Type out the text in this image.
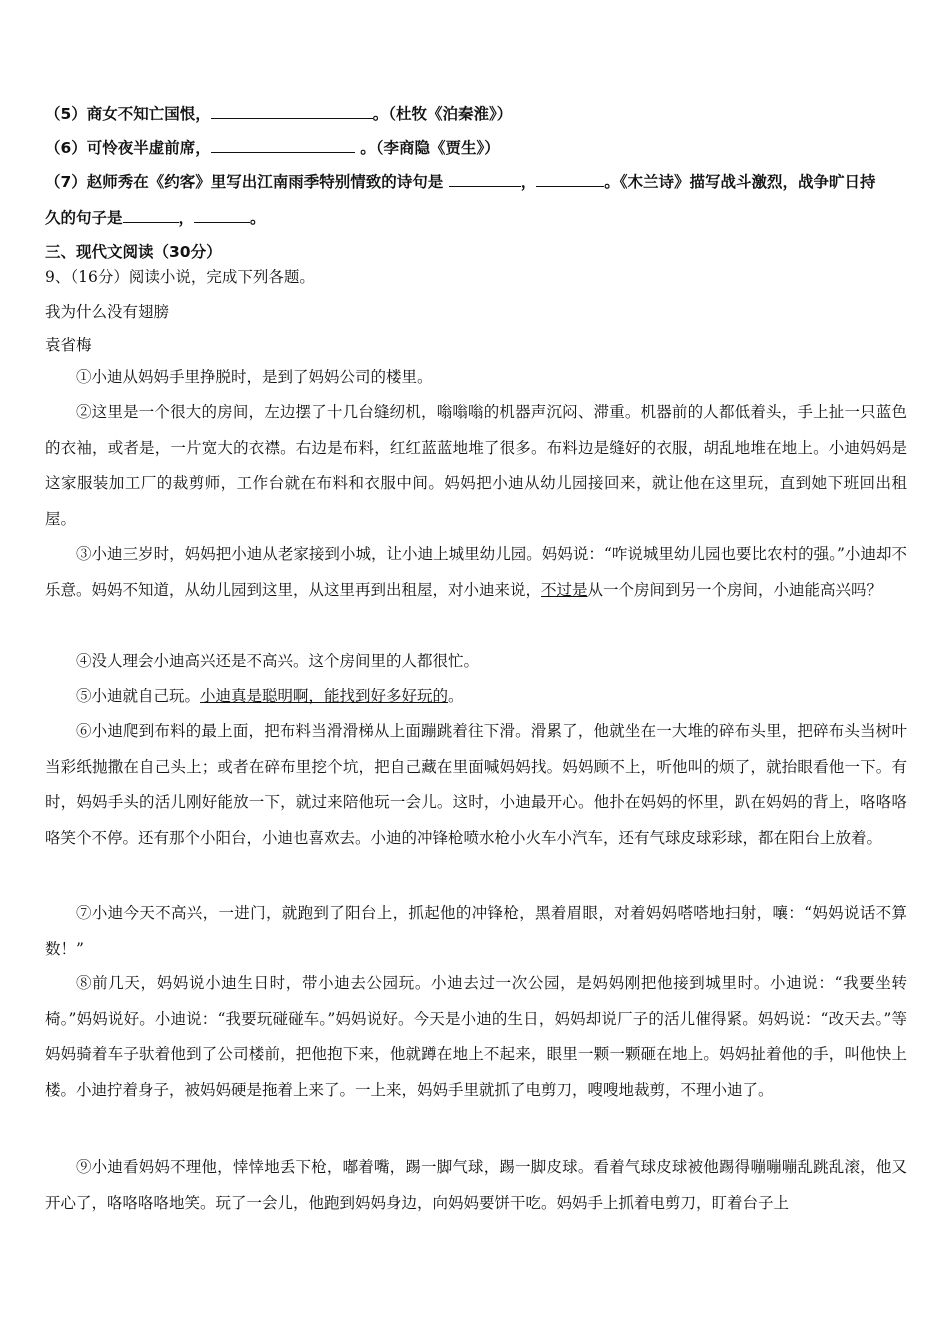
（5）商女不知亡国恨，	。（杜牧《泊秦淮》）
（6）可怜夜半虚前席，	。（李商隐《贾生》）
（7）赵师秀在《约客》里写出江南雨季特别情致的诗句是	，	。《木兰诗》描写战斗激烈，战争旷日持
久的句子是	，	。
三、现代文阅读（30分）
9、（16分）阅读小说，完成下列各题。
我为什么没有翅膀
袁省梅
①小迪从妈妈手里挣脱时，是到了妈妈公司的楼里。
②这里是一个很大的房间，左边摆了十几台缝纫机，嗡嗡嗡的机器声沉闷、滞重。机器前的人都低着头，手上扯一只蓝色的衣袖，或者是，一片宽大的衣襟。右边是布料，红红蓝蓝地堆了很多。布料边是缝好的衣服，胡乱地堆在地上。小迪妈妈是这家服装加工厂的裁剪师，工作台就在布料和衣服中间。妈妈把小迪从幼儿园接回来，就让他在这里玩，直到她下班回出租屋。
③小迪三岁时，妈妈把小迪从老家接到小城，让小迪上城里幼儿园。妈妈说：“咋说城里幼儿园也要比农村的强。”小迪却不乐意。妈妈不知道，从幼儿园到这里，从这里再到出租屋，对小迪来说，不过是从一个房间到另一个房间，小迪能高兴吗？
④没人理会小迪高兴还是不高兴。这个房间里的人都很忙。
⑤小迪就自己玩。小迪真是聪明啊，能找到好多好玩的。
⑥小迪爬到布料的最上面，把布料当滑滑梯从上面蹦跳着往下滑。滑累了，他就坐在一大堆的碎布头里，把碎布头当树叶当彩纸抛撒在自己头上；或者在碎布里挖个坑，把自己藏在里面喊妈妈找。妈妈顾不上，听他叫的烦了，就抬眼看他一下。有时，妈妈手头的活儿刚好能放一下，就过来陪他玩一会儿。这时，小迪最开心。他扑在妈妈的怀里，趴在妈妈的背上，咯咯咯咯笑个不停。还有那个小阳台，小迪也喜欢去。小迪的冲锋枪喷水枪小火车小汽车，还有气球皮球彩球，都在阳台上放着。
⑦小迪今天不高兴，一进门，就跑到了阳台上，抓起他的冲锋枪，黑着眉眼，对着妈妈嗒嗒地扫射，嚷：“妈妈说话不算数！”
⑧前几天，妈妈说小迪生日时，带小迪去公园玩。小迪去过一次公园，是妈妈刚把他接到城里时。小迪说：“我要坐转椅。”妈妈说好。小迪说：“我要玩碰碰车。”妈妈说好。今天是小迪的生日，妈妈却说厂子的活儿催得紧。妈妈说：“改天去。”等妈妈骑着车子驮着他到了公司楼前，把他抱下来，他就蹲在地上不起来，眼里一颗一颗砸在地上。妈妈扯着他的手，叫他快上楼。小迪拧着身子，被妈妈硬是拖着上来了。一上来，妈妈手里就抓了电剪刀，嗖嗖地裁剪，不理小迪了。
⑨小迪看妈妈不理他，悻悻地丢下枪，嘟着嘴，踢一脚气球，踢一脚皮球。看着气球皮球被他踢得嘣嘣嘣乱跳乱滚，他又开心了，咯咯咯咯地笑。玩了一会儿，他跑到妈妈身边，向妈妈要饼干吃。妈妈手上抓着电剪刀，盯着台子上
